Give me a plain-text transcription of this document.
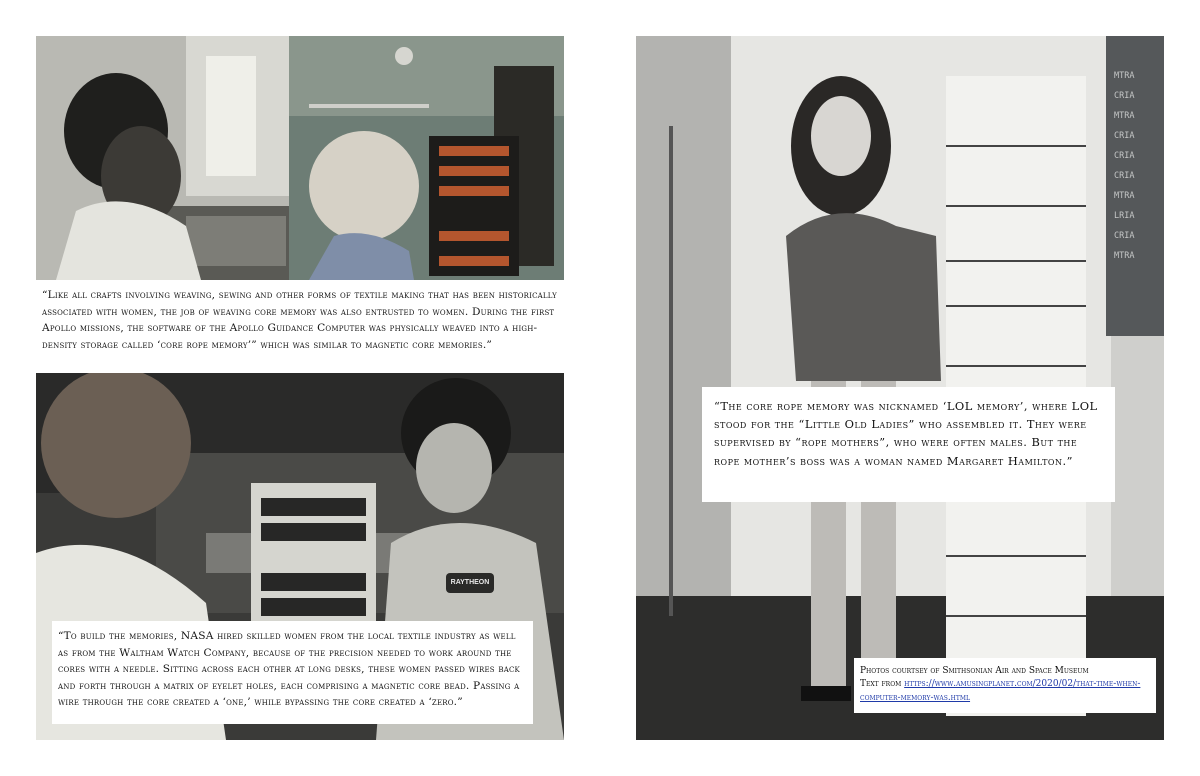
“Like all crafts involving weaving, sewing and other forms of textile making that has been historically associated with women, the job of weaving core memory was also entrusted to women. During the first Apollo missions, the software of the Apollo Guidance Computer was physically weaved into a high-density storage called ‘core rope memory’” which was similar to magnetic core memories.”
RAYTHEON
“To build the memories, NASA hired skilled women from the local textile industry as well as from the Waltham Watch Company, because of the precision needed to work around the cores with a needle. Sitting across each other at long desks, these women passed wires back and forth through a matrix of eyelet holes, each comprising a magnetic core bead. Passing a wire through the core created a ‘one,’ while bypassing the core created a ‘zero.”
MTRA
CRIA
MTRA
CRIA
CRIA
CRIA
MTRA
LRIA
CRIA
MTRA
“The core rope memory was nicknamed ‘LOL memory’, where LOL stood for the “Little Old Ladies” who assembled it. They were supervised by “rope mothers”, who were often males. But the rope mother’s boss was a woman named Margaret Hamilton.”
Photos courtsey of Smithsonian Air and Space Museum
Text from https://www.amusingplanet.com/2020/02/that-time-when-computer-memory-was.html
